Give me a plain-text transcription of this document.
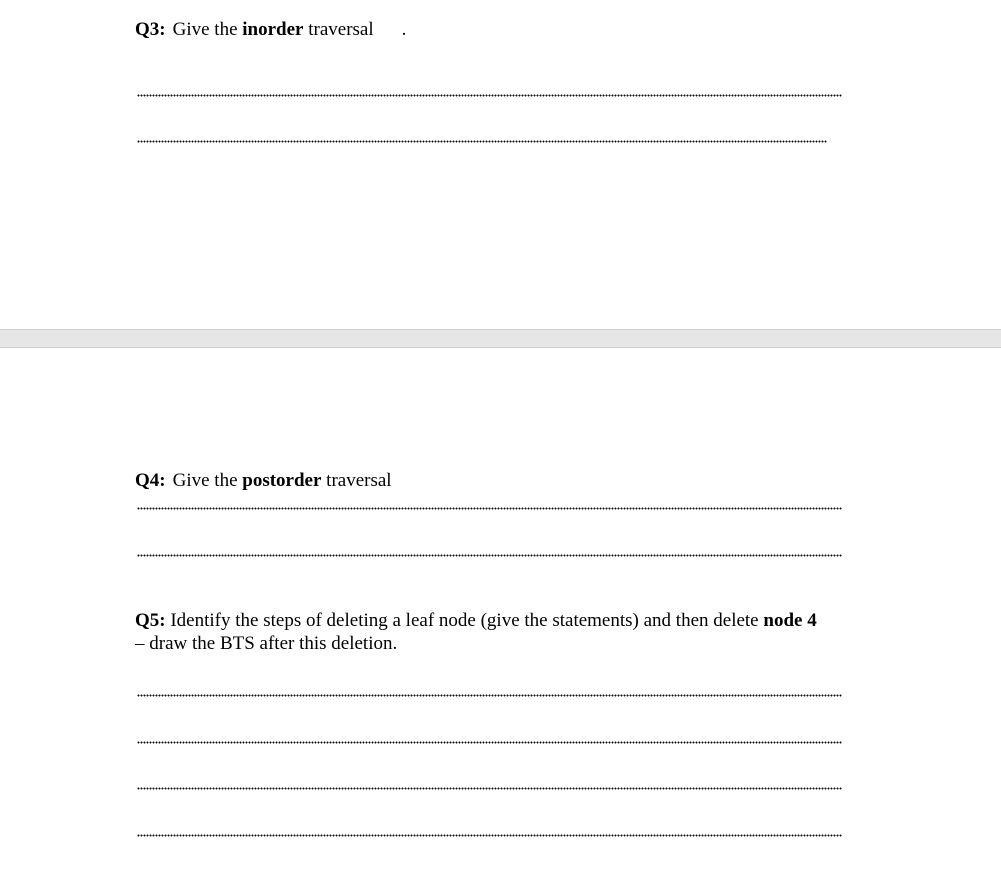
Q3: Give the inorder traversal .
Q4: Give the postorder traversal
Q5: Identify the steps of deleting a leaf node (give the statements) and then delete node 4
– draw the BTS after this deletion.
